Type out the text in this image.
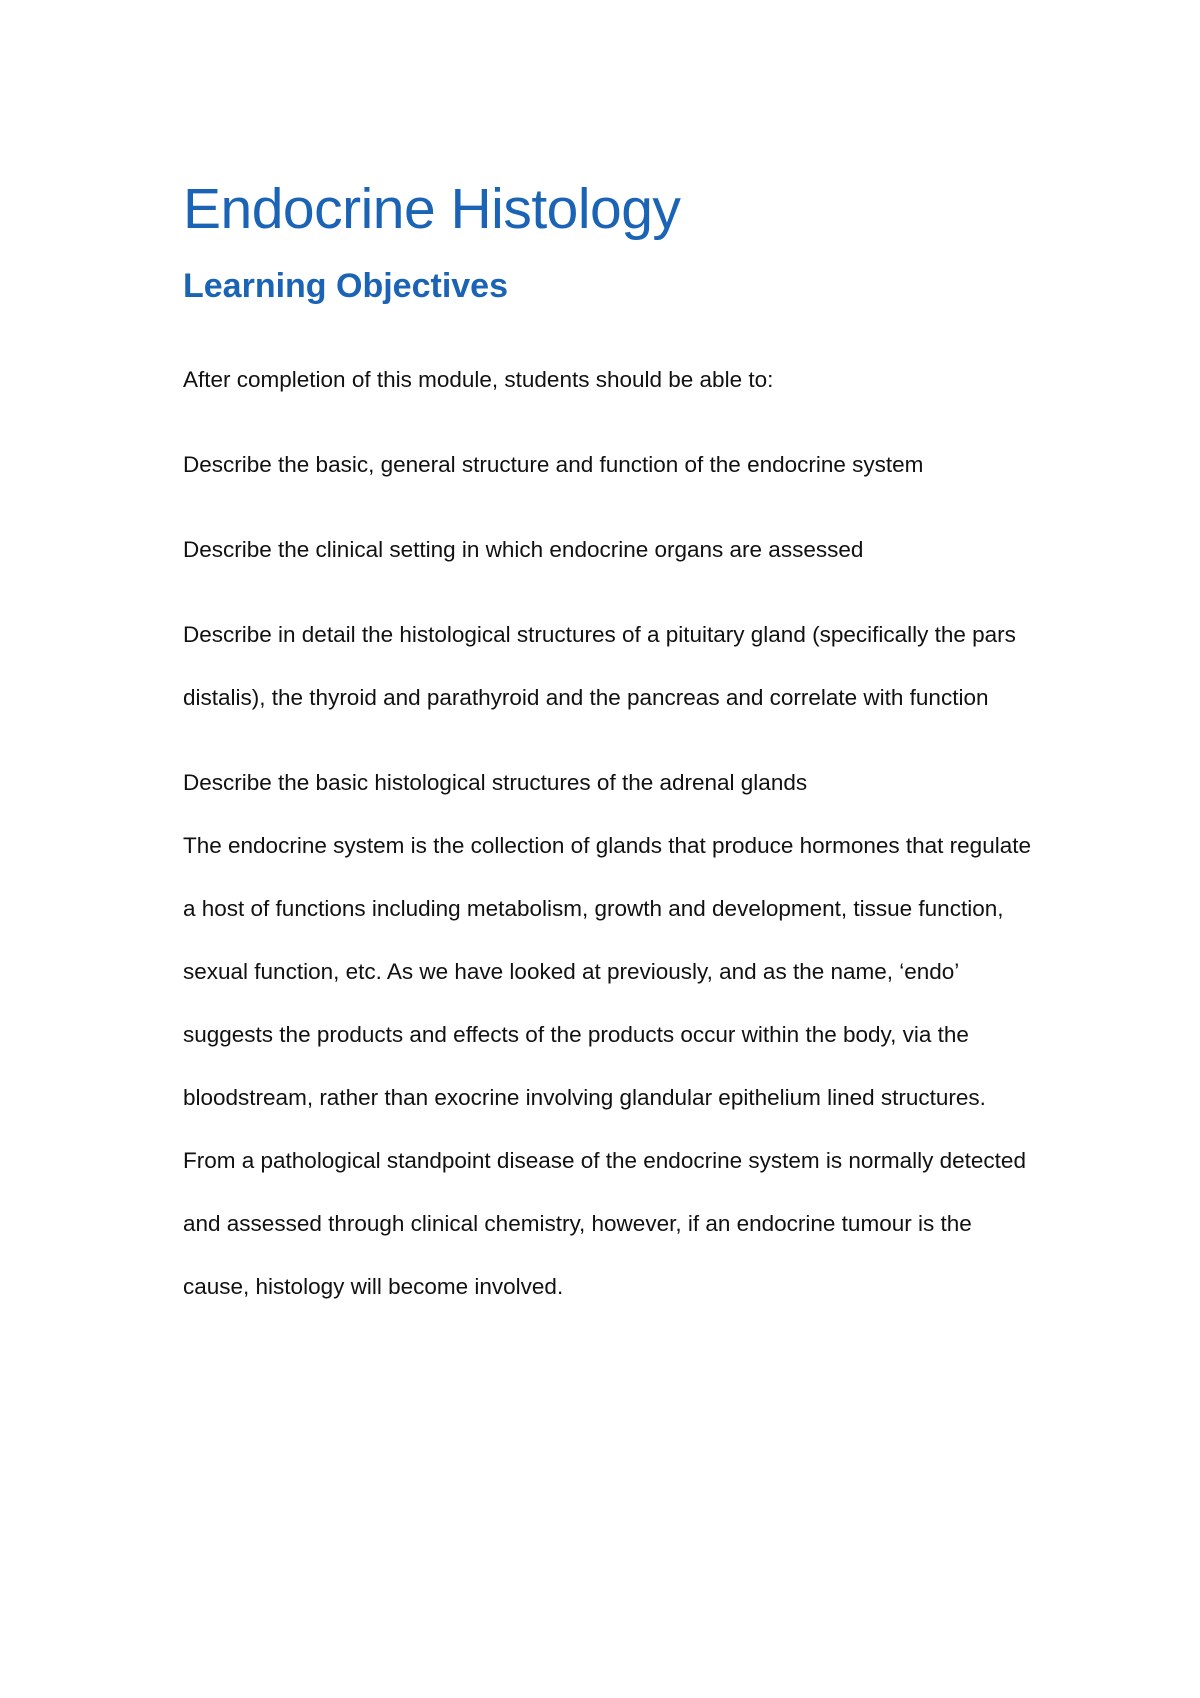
Endocrine Histology
Learning Objectives

After completion of this module, students should be able to:

Describe the basic, general structure and function of the endocrine system
Describe the clinical setting in which endocrine organs are assessed
Describe in detail the histological structures of a pituitary gland (specifically the pars distalis), the thyroid and parathyroid and the pancreas and correlate with function
Describe the basic histological structures of the adrenal glands

The endocrine system is the collection of glands that produce hormones that regulate a host of functions including metabolism, growth and development, tissue function, sexual function, etc. As we have looked at previously, and as the name, ‘endo’ suggests the products and effects of the products occur within the body, via the bloodstream, rather than exocrine involving glandular epithelium lined structures. From a pathological standpoint disease of the endocrine system is normally detected and assessed through clinical chemistry, however, if an endocrine tumour is the cause, histology will become involved.
